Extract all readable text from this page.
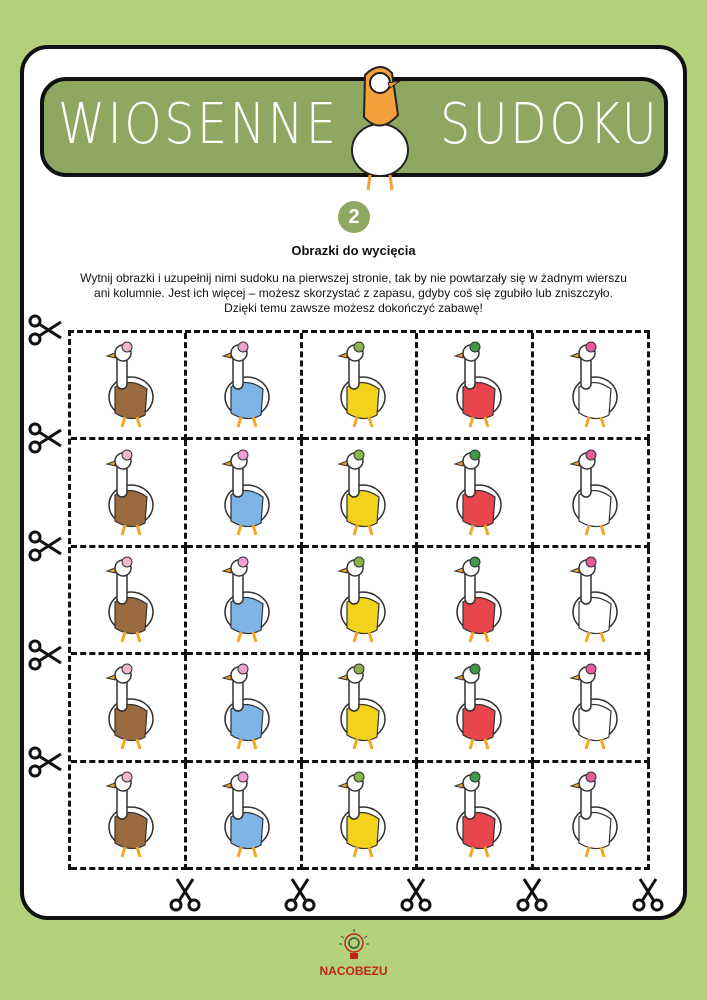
WIOSENNE SUDOKU
2
Obrazki do wycięcia
Wytnij obrazki i uzupełnij nimi sudoku na pierwszej stronie, tak by nie powtarzały się w żadnym wierszu
ani kolumnie. Jest ich więcej – możesz skorzystać z zapasu, gdyby coś się zgubiło lub zniszczyło.
Dzięki temu zawsze możesz dokończyć zabawę!
NACOBEZU
